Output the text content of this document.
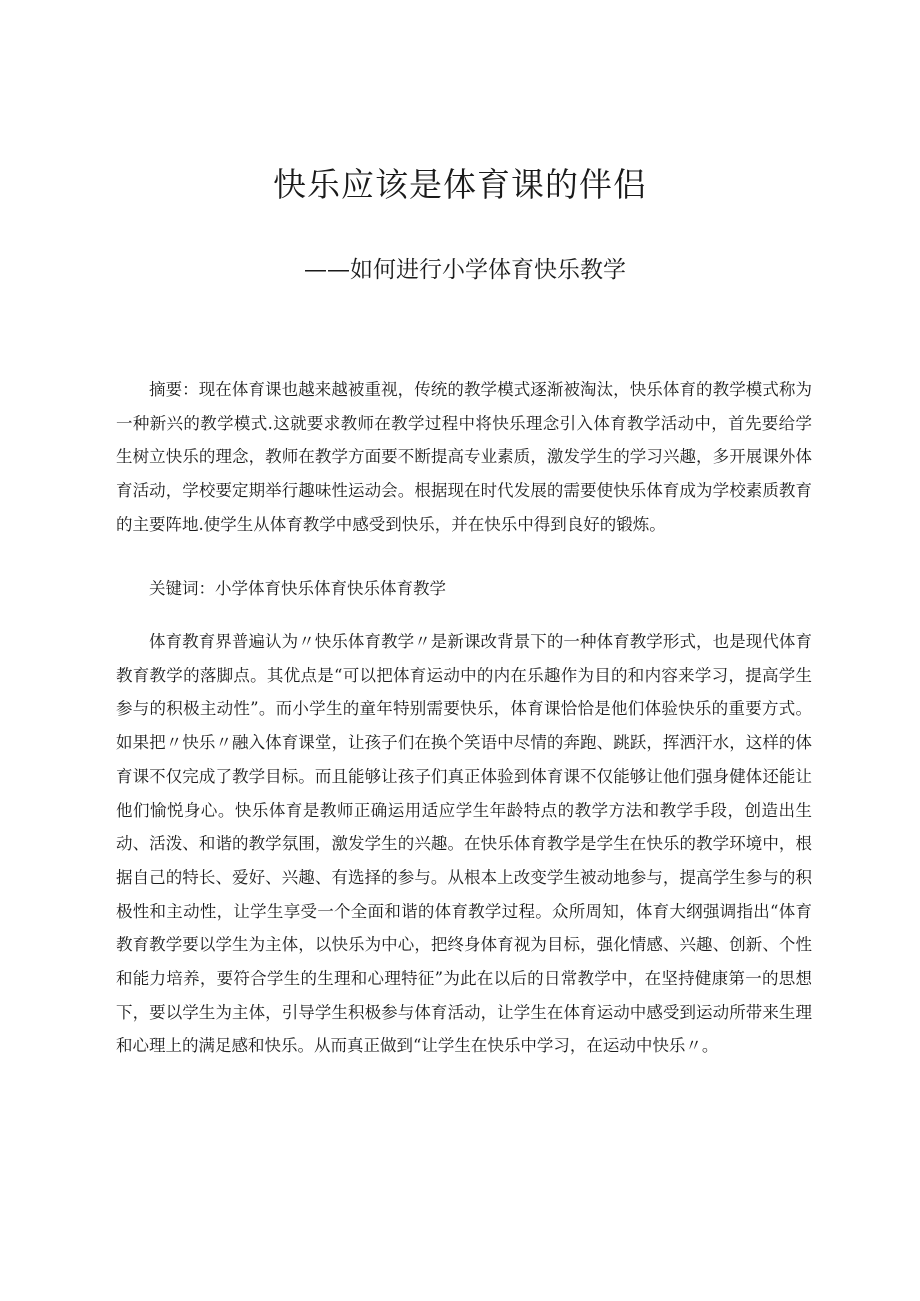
快乐应该是体育课的伴侣
——如何进行小学体育快乐教学

摘要：现在体育课也越来越被重视，传统的教学模式逐渐被淘汰，快乐体育的教学模式称为一种新兴的教学模式.这就要求教师在教学过程中将快乐理念引入体育教学活动中，首先要给学生树立快乐的理念，教师在教学方面要不断提高专业素质，激发学生的学习兴趣，多开展课外体育活动，学校要定期举行趣味性运动会。根据现在时代发展的需要使快乐体育成为学校素质教育的主要阵地.使学生从体育教学中感受到快乐，并在快乐中得到良好的锻炼。

关键词：小学体育快乐体育快乐体育教学

体育教育界普遍认为〃快乐体育教学〃是新课改背景下的一种体育教学形式，也是现代体育教育教学的落脚点。其优点是“可以把体育运动中的内在乐趣作为目的和内容来学习，提高学生参与的积极主动性”。而小学生的童年特别需要快乐，体育课恰恰是他们体验快乐的重要方式。如果把〃快乐〃融入体育课堂，让孩子们在换个笑语中尽情的奔跑、跳跃，挥洒汗水，这样的体育课不仅完成了教学目标。而且能够让孩子们真正体验到体育课不仅能够让他们强身健体还能让他们愉悦身心。快乐体育是教师正确运用适应学生年龄特点的教学方法和教学手段，创造出生动、活泼、和谐的教学氛围，激发学生的兴趣。在快乐体育教学是学生在快乐的教学环境中，根据自己的特长、爱好、兴趣、有选择的参与。从根本上改变学生被动地参与，提高学生参与的积极性和主动性，让学生享受一个全面和谐的体育教学过程。众所周知，体育大纲强调指出“体育教育教学要以学生为主体，以快乐为中心，把终身体育视为目标，强化情感、兴趣、创新、个性和能力培养，要符合学生的生理和心理特征”为此在以后的日常教学中，在坚持健康第一的思想下，要以学生为主体，引导学生积极参与体育活动，让学生在体育运动中感受到运动所带来生理和心理上的满足感和快乐。从而真正做到“让学生在快乐中学习，在运动中快乐〃。
